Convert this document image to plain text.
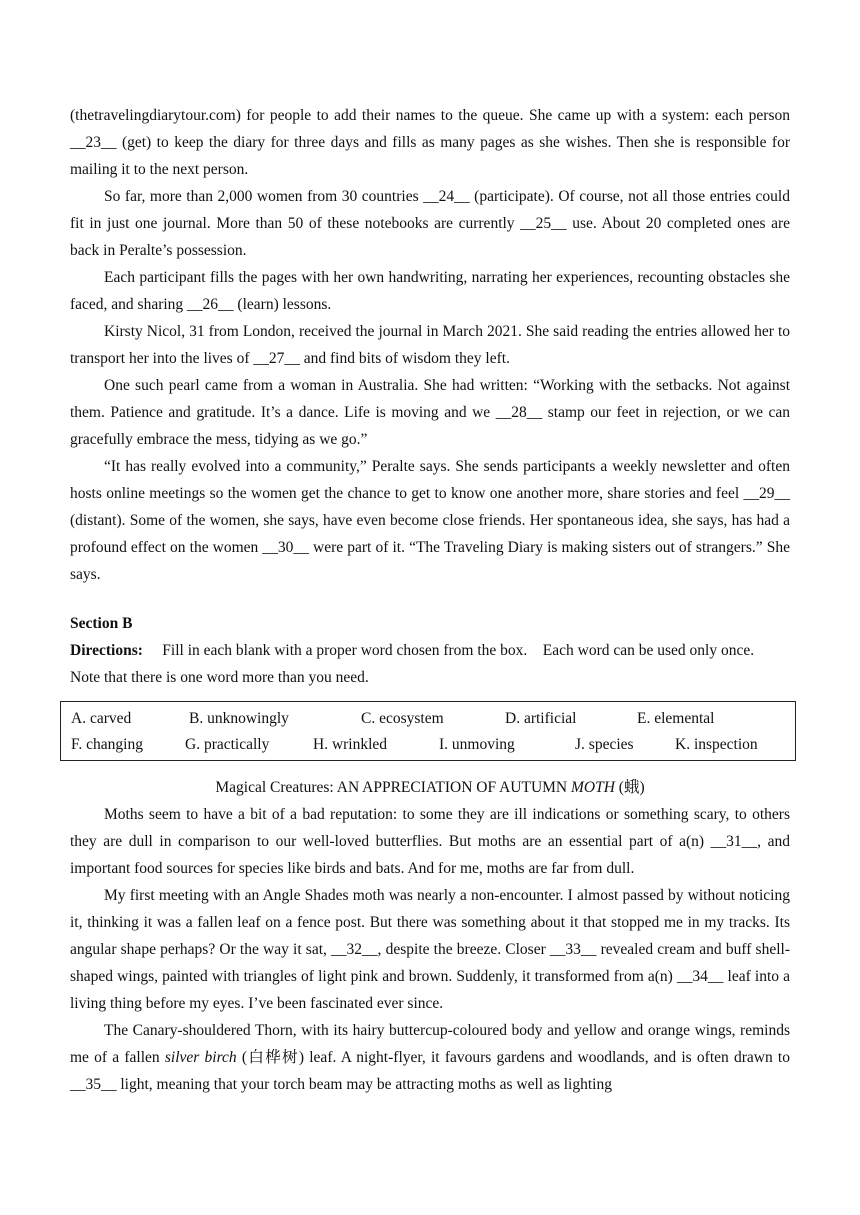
(thetravelingdiarytour.com) for people to add their names to the queue. She came up with a system: each person __23__ (get) to keep the diary for three days and fills as many pages as she wishes. Then she is responsible for mailing it to the next person.

So far, more than 2,000 women from 30 countries __24__ (participate). Of course, not all those entries could fit in just one journal. More than 50 of these notebooks are currently __25__ use. About 20 completed ones are back in Peralte’s possession.

Each participant fills the pages with her own handwriting, narrating her experiences, recounting obstacles she faced, and sharing __26__ (learn) lessons.

Kirsty Nicol, 31 from London, received the journal in March 2021. She said reading the entries allowed her to transport her into the lives of __27__ and find bits of wisdom they left.

One such pearl came from a woman in Australia. She had written: “Working with the setbacks. Not against them. Patience and gratitude. It’s a dance. Life is moving and we __28__ stamp our feet in rejection, or we can gracefully embrace the mess, tidying as we go.”

“It has really evolved into a community,” Peralte says. She sends participants a weekly newsletter and often hosts online meetings so the women get the chance to get to know one another more, share stories and feel __29__ (distant). Some of the women, she says, have even become close friends. Her spontaneous idea, she says, has had a profound effect on the women __30__ were part of it. “The Traveling Diary is making sisters out of strangers.” She says.

Section B
Directions: Fill in each blank with a proper word chosen from the box.    Each word can be used only once.    Note that there is one word more than you need.
A. carved	B. unknowingly	C. ecosystem	D. artificial	E. elemental
F. changing	G. practically	H. wrinkled	I. unmoving	J. species	K. inspection
Magical Creatures: AN APPRECIATION OF AUTUMN MOTH (蛾)

Moths seem to have a bit of a bad reputation: to some they are ill indications or something scary, to others they are dull in comparison to our well-loved butterflies. But moths are an essential part of a(n) __31__, and important food sources for species like birds and bats. And for me, moths are far from dull.

My first meeting with an Angle Shades moth was nearly a non-encounter. I almost passed by without noticing it, thinking it was a fallen leaf on a fence post. But there was something about it that stopped me in my tracks. Its angular shape perhaps? Or the way it sat, __32__, despite the breeze. Closer __33__ revealed cream and buff shell-shaped wings, painted with triangles of light pink and brown. Suddenly, it transformed from a(n) __34__ leaf into a living thing before my eyes. I’ve been fascinated ever since.

The Canary-shouldered Thorn, with its hairy buttercup-coloured body and yellow and orange wings, reminds me of a fallen silver birch (白桦树) leaf. A night-flyer, it favours gardens and woodlands, and is often drawn to __35__ light, meaning that your torch beam may be attracting moths as well as lighting
